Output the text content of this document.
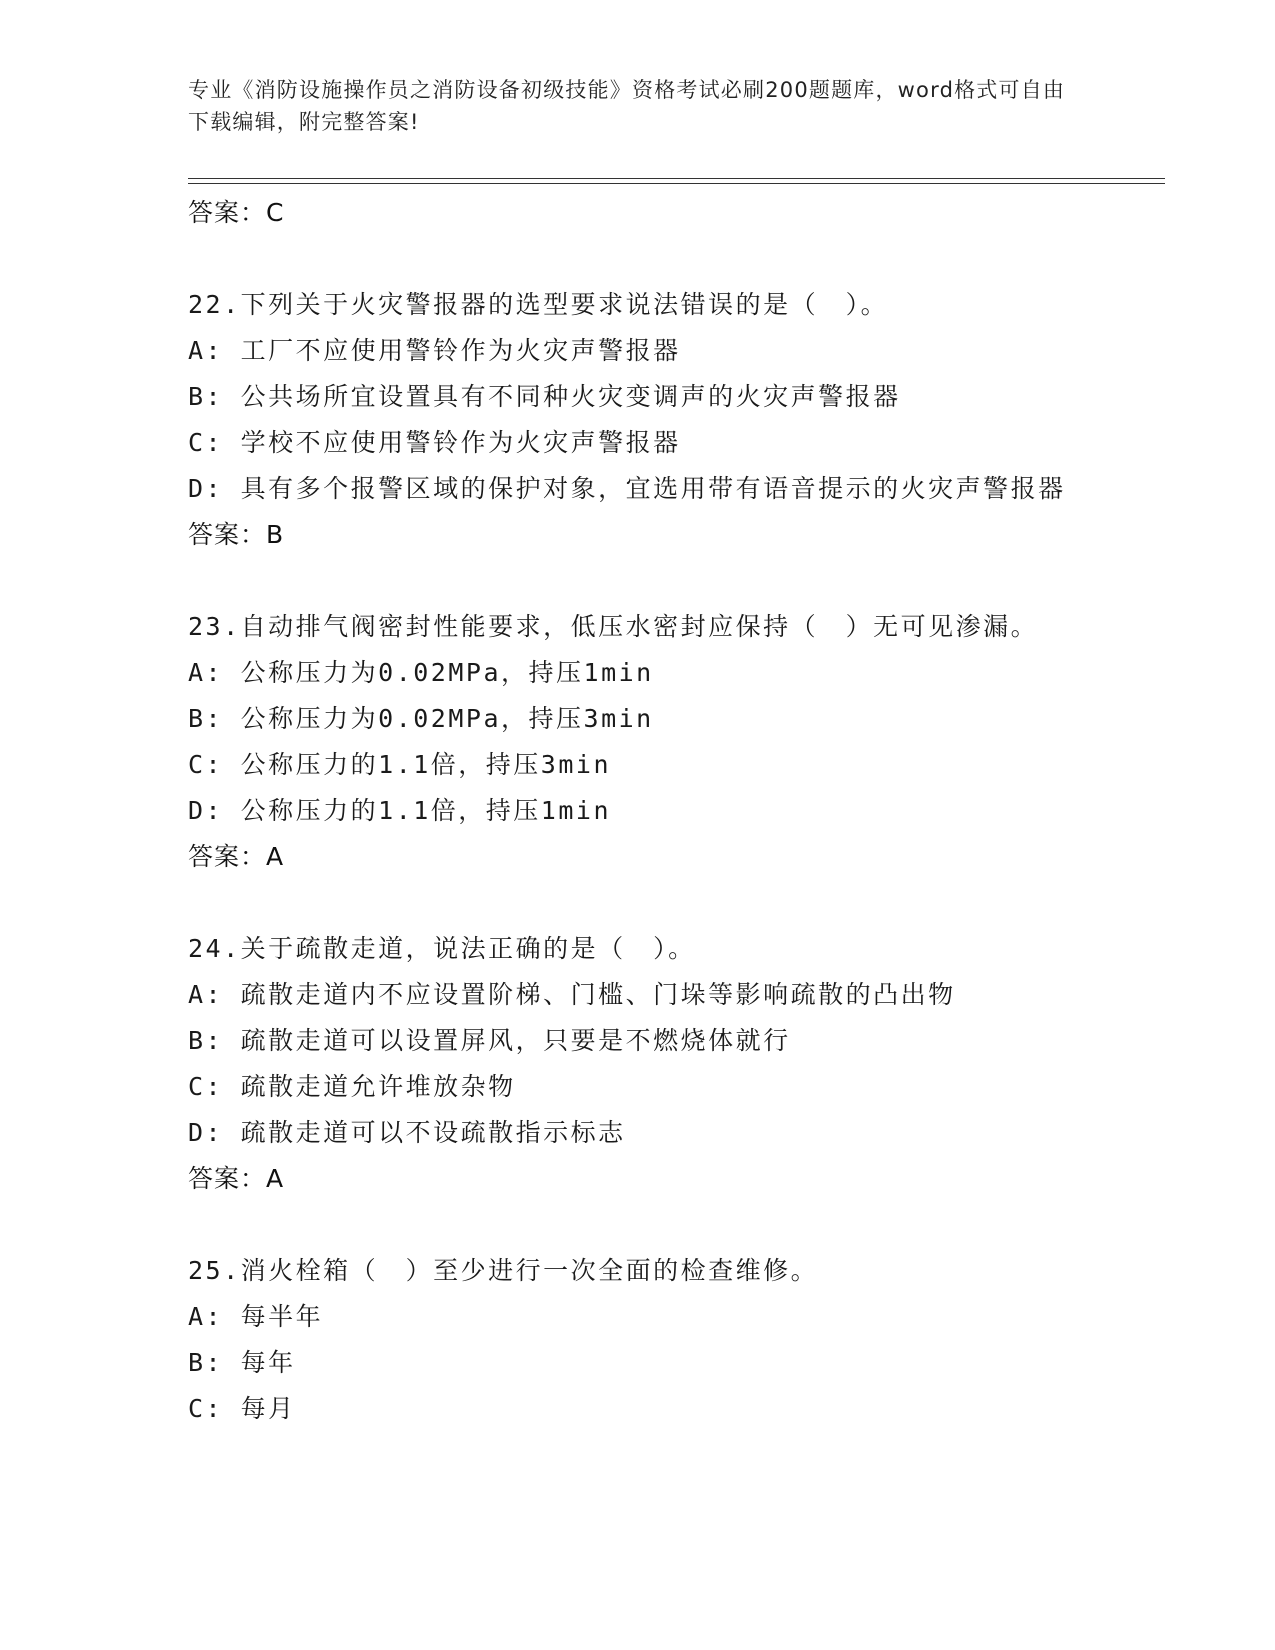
专业《消防设施操作员之消防设备初级技能》资格考试必刷200题题库，word格式可自由下载编辑，附完整答案!
答案：C
22.下列关于火灾警报器的选型要求说法错误的是（　）。
A: 工厂不应使用警铃作为火灾声警报器
B: 公共场所宜设置具有不同种火灾变调声的火灾声警报器
C: 学校不应使用警铃作为火灾声警报器
D: 具有多个报警区域的保护对象，宜选用带有语音提示的火灾声警报器
答案：B
23.自动排气阀密封性能要求，低压水密封应保持（　）无可见渗漏。
A: 公称压力为0.02MPa，持压1min
B: 公称压力为0.02MPa，持压3min
C: 公称压力的1.1倍，持压3min
D: 公称压力的1.1倍，持压1min
答案：A
24.关于疏散走道，说法正确的是（　）。
A: 疏散走道内不应设置阶梯、门槛、门垛等影响疏散的凸出物
B: 疏散走道可以设置屏风，只要是不燃烧体就行
C: 疏散走道允许堆放杂物
D: 疏散走道可以不设疏散指示标志
答案：A
25.消火栓箱（　）至少进行一次全面的检查维修。
A: 每半年
B: 每年
C: 每月
